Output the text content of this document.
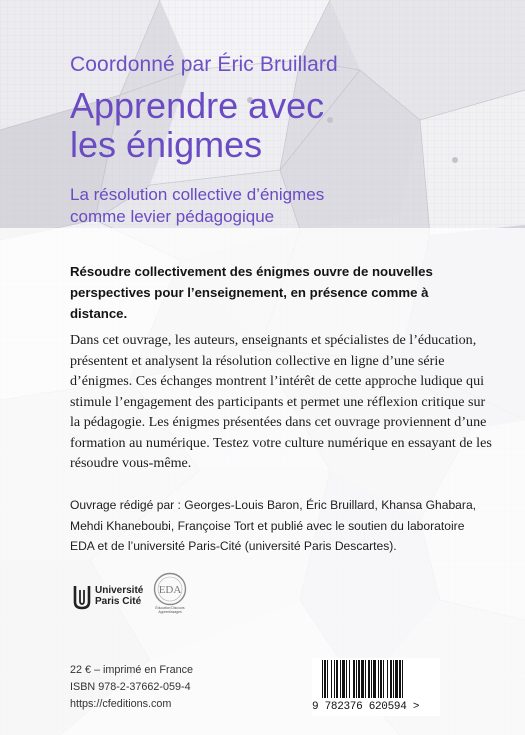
Coordonné par Éric Bruillard
Apprendre avec
les énigmes
La résolution collective d’énigmes
comme levier pédagogique
Résoudre collectivement des énigmes ouvre de nouvelles perspectives pour l’enseignement, en présence comme à distance.
Dans cet ouvrage, les auteurs, enseignants et spécialistes de l’éducation, présentent et analysent la résolution collective en ligne d’une série d’énigmes. Ces échanges montrent l’intérêt de cette approche ludique qui stimule l’engagement des participants et permet une réflexion critique sur la pédagogie. Les énigmes présentées dans cet ouvrage proviennent d’une formation au numérique. Testez votre culture numérique en essayant de les résoudre vous-même.
Ouvrage rédigé par : Georges-Louis Baron, Éric Bruillard, Khansa Ghabara, Mehdi Khaneboubi, Françoise Tort et publié avec le soutien du laboratoire EDA et de l’université Paris-Cité (université Paris Descartes).
Université
Paris Cité
EDA
Éducation Discours Apprentissages
22 € – imprimé en France
ISBN 978-2-37662-059-4
https://cfeditions.com	9 782376 620594 >
